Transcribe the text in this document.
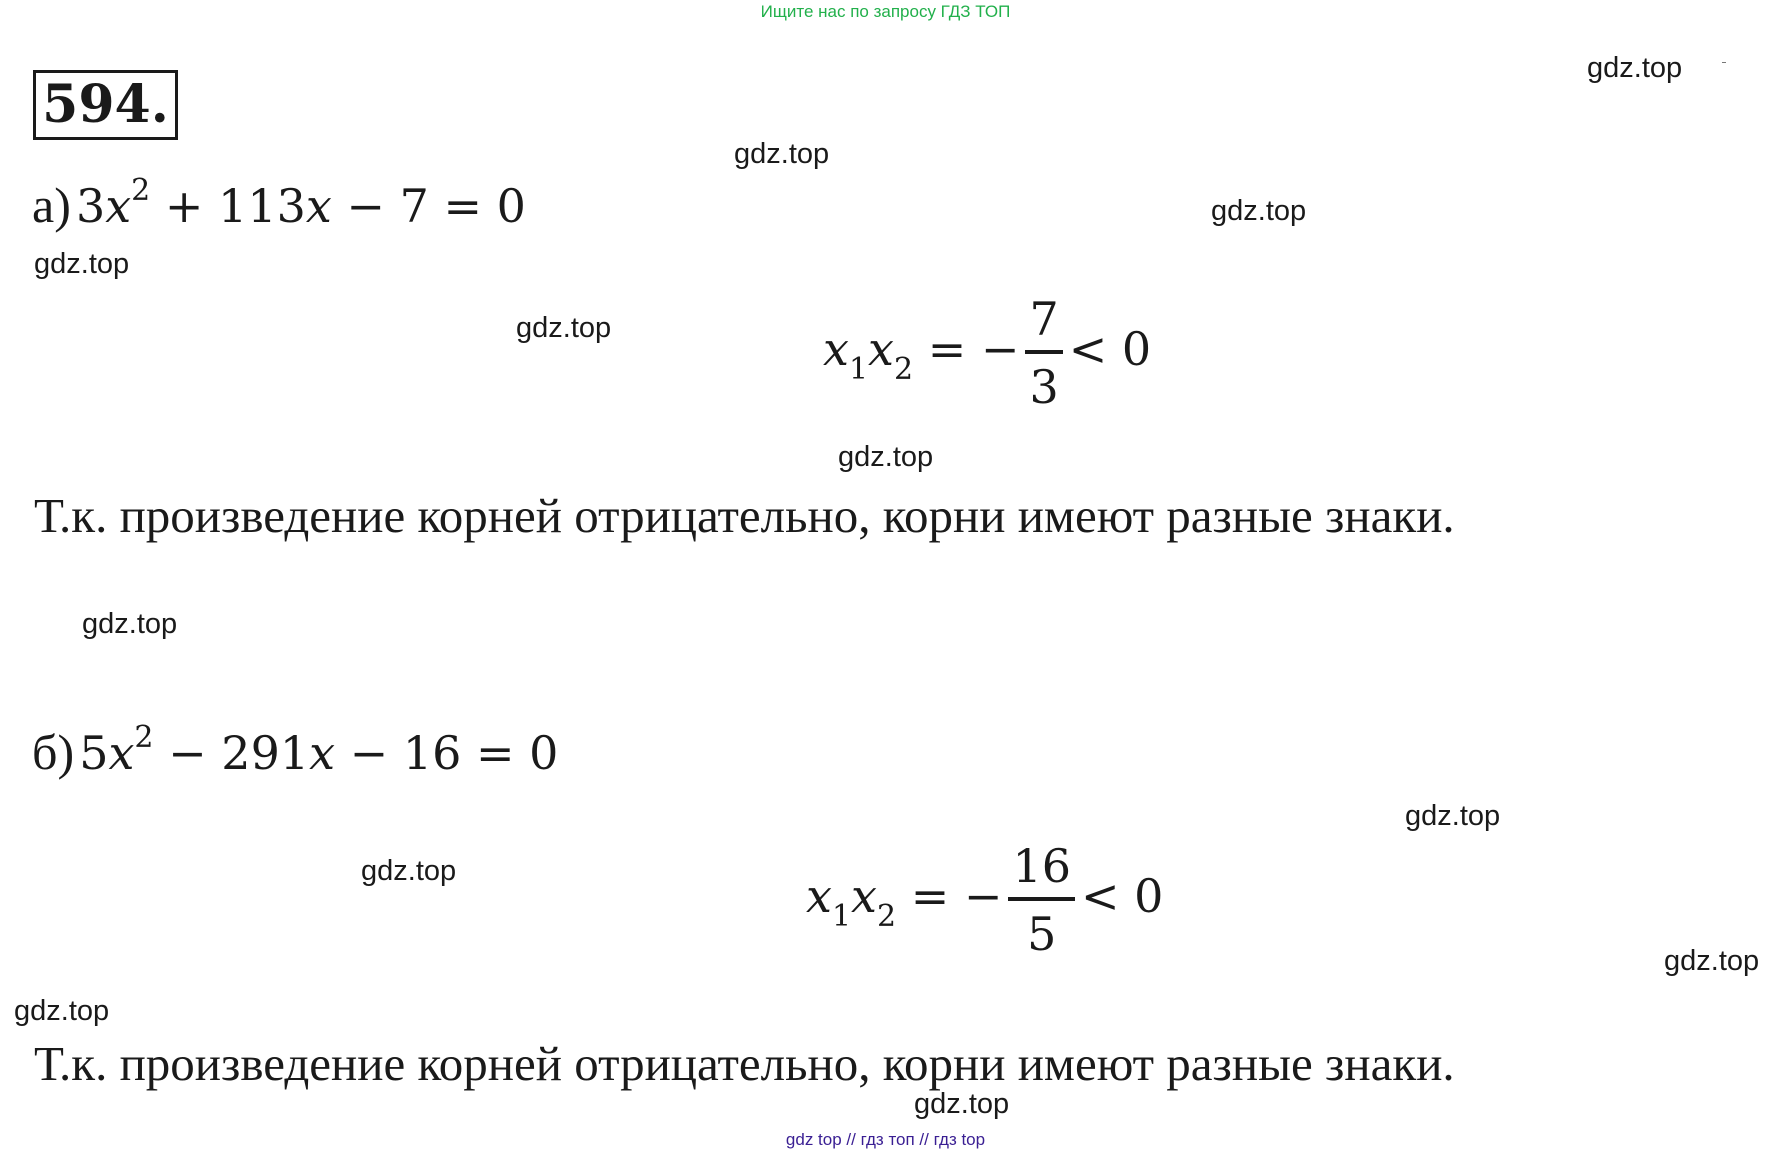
Ищите нас по запросу ГДЗ ТОП
594.
gdz.top
gdz.top
gdz.top
gdz.top
gdz.top
gdz.top
gdz.top
gdz.top
gdz.top
gdz.top
gdz.top
gdz.top
а) $3x^2 + 113x - 7 = 0$
$x_1x_2$ = − $\frac{7}{3} < 0$
Т.к. произведение корней отрицательно, корни имеют разные знаки.
б) $5x^2 - 291x - 16 = 0$
$x_1x_2$ = − $\frac{16}{5} < 0$
Т.к. произведение корней отрицательно, корни имеют разные знаки.
gdz top // гдз топ // гдз top
